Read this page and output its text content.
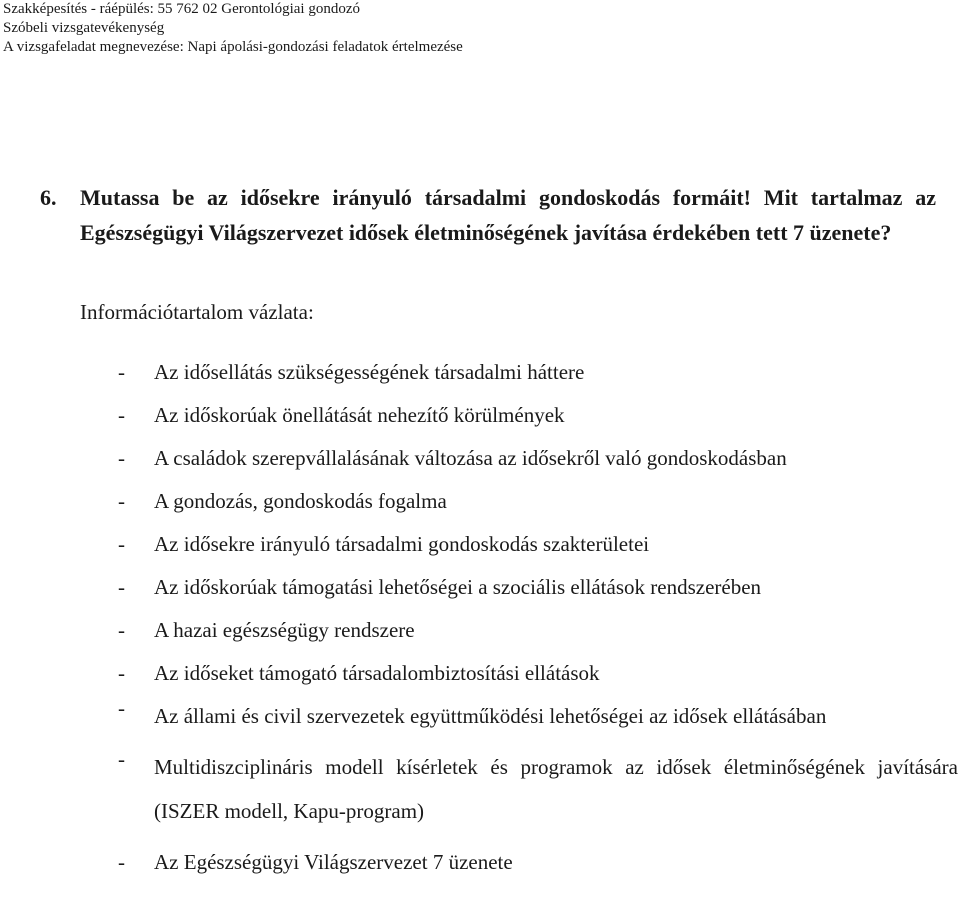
Szakképesítés - ráépülés: 55 762 02 Gerontológiai gondozó
Szóbeli vizsgatevékenység
A vizsgafeladat megnevezése: Napi ápolási-gondozási feladatok értelmezése
6. Mutassa be az idősekre irányuló társadalmi gondoskodás formáit! Mit tartalmaz az Egészségügyi Világszervezet idősek életminőségének javítása érdekében tett 7 üzenete?
Információtartalom vázlata:
- Az idősellátás szükségességének társadalmi háttere
- Az időskorúak önellátását nehezítő körülmények
- A családok szerepvállalásának változása az idősekről való gondoskodásban
- A gondozás, gondoskodás fogalma
- Az idősekre irányuló társadalmi gondoskodás szakterületei
- Az időskorúak támogatási lehetőségei a szociális ellátások rendszerében
- A hazai egészségügy rendszere
- Az időseket támogató társadalombiztosítási ellátások
- Az állami és civil szervezetek együttműködési lehetőségei az idősek ellátásában
- Multidiszciplináris modell kísérletek és programok az idősek életminőségének javítására (ISZER modell, Kapu-program)
- Az Egészségügyi Világszervezet 7 üzenete
